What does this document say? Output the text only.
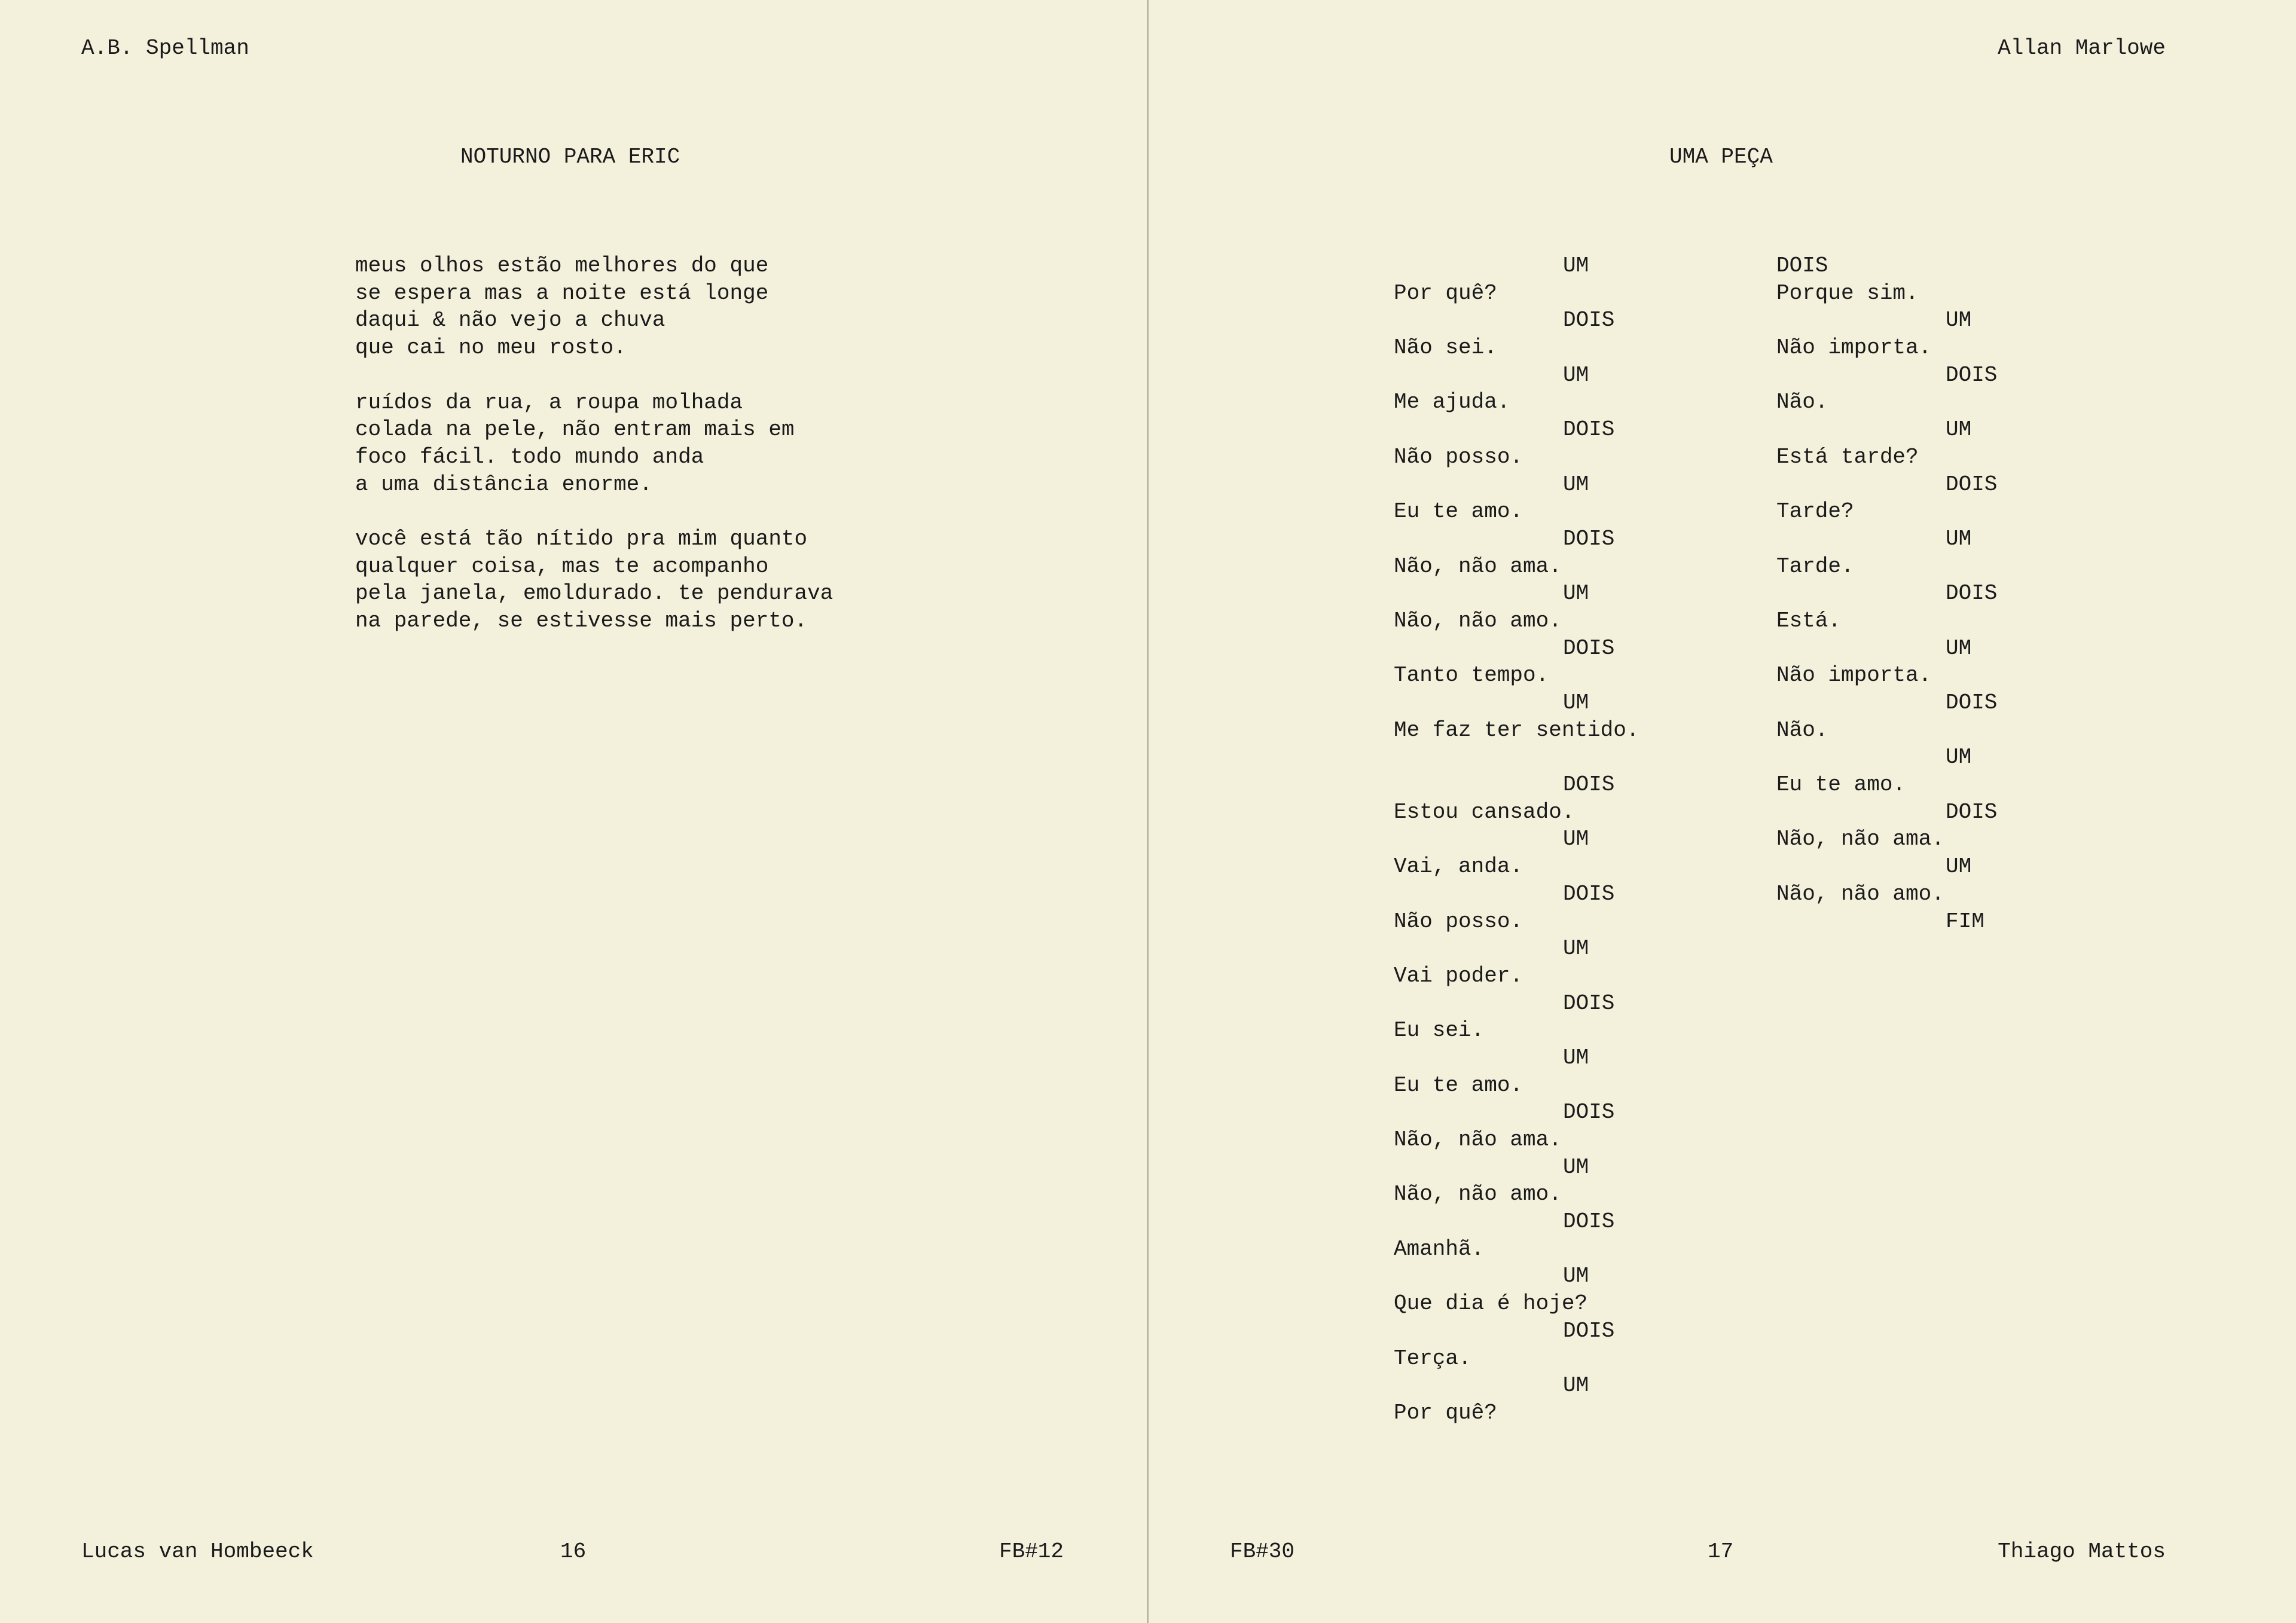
A.B. Spellman
NOTURNO PARA ERIC
meus olhos estão melhores do que
se espera mas a noite está longe
daqui & não vejo a chuva
que cai no meu rosto.
ruídos da rua, a roupa molhada
colada na pele, não entram mais em
foco fácil. todo mundo anda
a uma distância enorme.
você está tão nítido pra mim quanto
qualquer coisa, mas te acompanho
pela janela, emoldurado. te pendurava
na parede, se estivesse mais perto.
Lucas van Hombeeck	16	FB#12
Allan Marlowe
UMA PEÇA
UM
Por quê?
DOIS
Não sei.
UM
Me ajuda.
DOIS
Não posso.
UM
Eu te amo.
DOIS
Não, não ama.
UM
Não, não amo.
DOIS
Tanto tempo.
UM
Me faz ter sentido.
DOIS
Estou cansado.
UM
Vai, anda.
DOIS
Não posso.
UM
Vai poder.
DOIS
Eu sei.
UM
Eu te amo.
DOIS
Não, não ama.
UM
Não, não amo.
DOIS
Amanhã.
UM
Que dia é hoje?
DOIS
Terça.
UM
Por quê?
DOIS
Porque sim.
UM
Não importa.
DOIS
Não.
UM
Está tarde?
DOIS
Tarde?
UM
Tarde.
DOIS
Está.
UM
Não importa.
DOIS
Não.
UM
Eu te amo.
DOIS
Não, não ama.
UM
Não, não amo.
FIM
FB#30	17	Thiago Mattos
